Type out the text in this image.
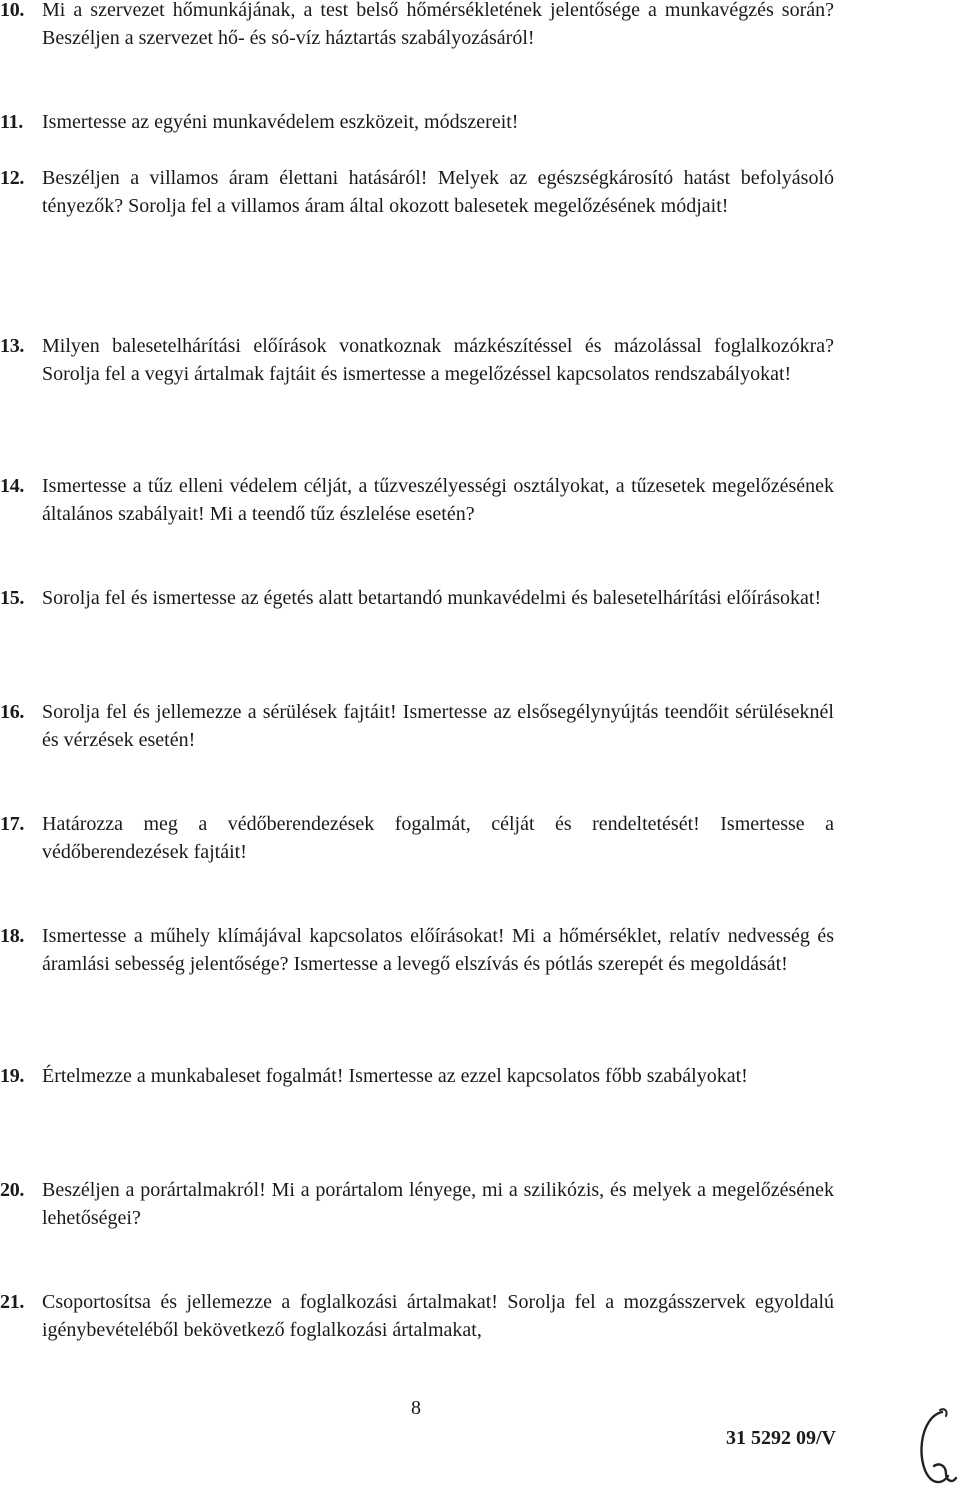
10. Mi a szervezet hőmunkájának, a test belső hőmérsékletének jelentősége a munkavégzés során? Beszéljen a szervezet hő- és só-víz háztartás szabályozásáról!
11. Ismertesse az egyéni munkavédelem eszközeit, módszereit!
12. Beszéljen a villamos áram élettani hatásáról! Melyek az egészségkárosító hatást befolyásoló tényezők? Sorolja fel a villamos áram által okozott balesetek megelőzésének módjait!
13. Milyen balesetelhárítási előírások vonatkoznak mázkészítéssel és mázolással foglalkozókra? Sorolja fel a vegyi ártalmak fajtáit és ismertesse a megelőzéssel kapcsolatos rendszabályokat!
14. Ismertesse a tűz elleni védelem célját, a tűzveszélyességi osztályokat, a tűzesetek megelőzésének általános szabályait! Mi a teendő tűz észlelése esetén?
15. Sorolja fel és ismertesse az égetés alatt betartandó munkavédelmi és balesetelhárítási előírásokat!
16. Sorolja fel és jellemezze a sérülések fajtáit! Ismertesse az elsősegélynyújtás teendőit sérüléseknél és vérzések esetén!
17. Határozza meg a védőberendezések fogalmát, célját és rendeltetését! Ismertesse a védőberendezések fajtáit!
18. Ismertesse a műhely klímájával kapcsolatos előírásokat! Mi a hőmérséklet, relatív nedvesség és áramlási sebesség jelentősége? Ismertesse a levegő elszívás és pótlás szerepét és megoldását!
19. Értelmezze a munkabaleset fogalmát! Ismertesse az ezzel kapcsolatos főbb szabályokat!
20. Beszéljen a porártalmakról! Mi a porártalom lényege, mi a szilikózis, és melyek a megelőzésének lehetőségei?
21. Csoportosítsa és jellemezze a foglalkozási ártalmakat! Sorolja fel a mozgásszervek egyoldalú igénybevételéből bekövetkező foglalkozási ártalmakat,
8
31 5292 09/V
